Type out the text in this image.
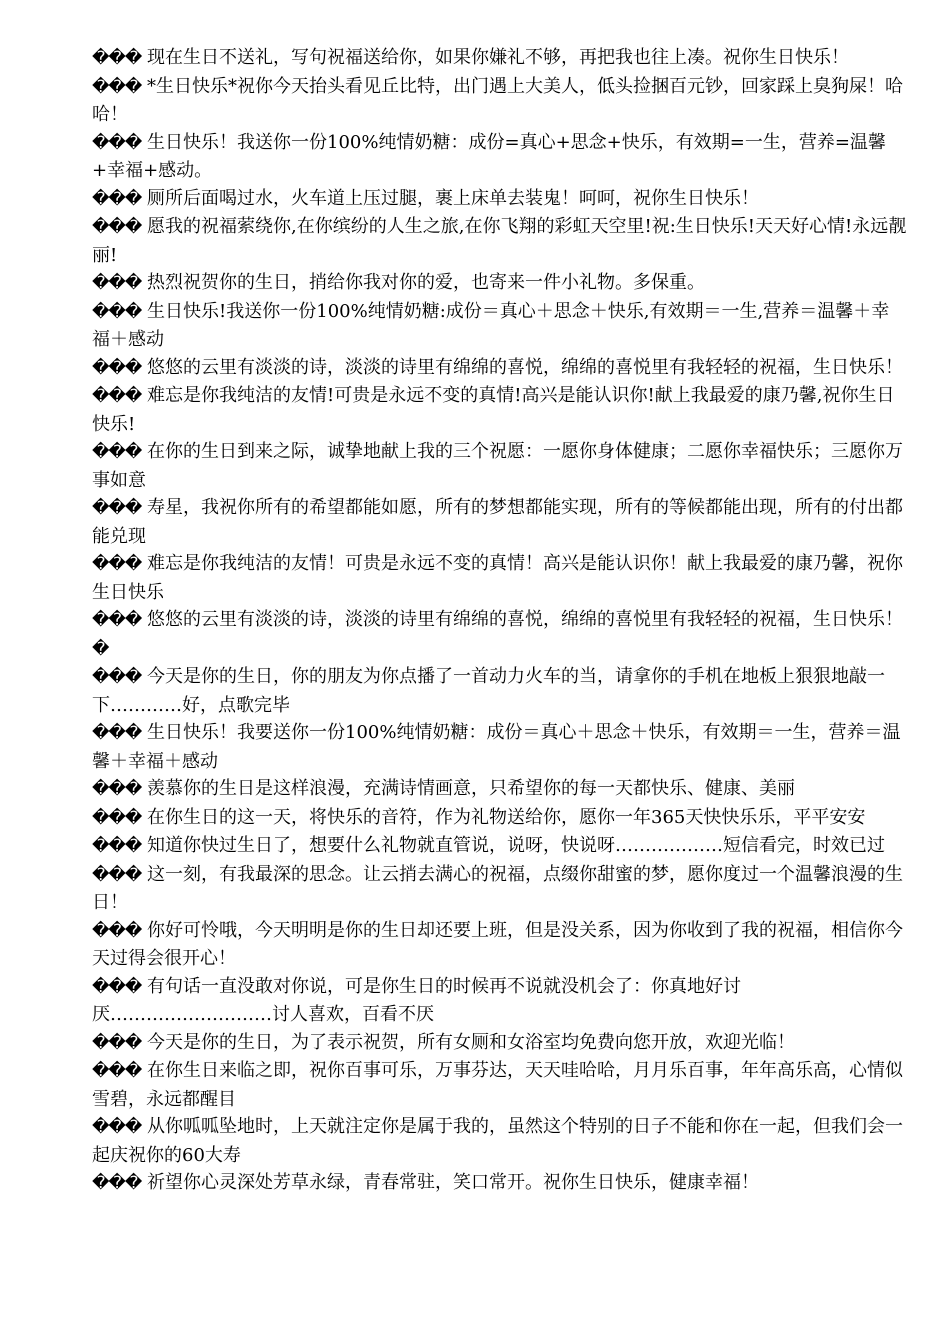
��� 现在生日不送礼，写句祝福送给你，如果你嫌礼不够，再把我也往上凑。祝你生日快乐！

��� *生日快乐*祝你今天抬头看见丘比特，出门遇上大美人，低头捡捆百元钞，回家踩上臭狗屎！哈哈！

��� 生日快乐！我送你一份100%纯情奶糖：成份=真心+思念+快乐，有效期=一生，营养=温馨+幸福+感动。

��� 厕所后面喝过水，火车道上压过腿，裹上床单去装鬼！呵呵，祝你生日快乐！

��� 愿我的祝福萦绕你,在你缤纷的人生之旅,在你飞翔的彩虹天空里!祝:生日快乐!天天好心情!永远靓丽!

��� 热烈祝贺你的生日，捎给你我对你的爱，也寄来一件小礼物。多保重。

��� 生日快乐!我送你一份100%纯情奶糖:成份＝真心＋思念＋快乐,有效期＝一生,营养＝温馨＋幸福＋感动

��� 悠悠的云里有淡淡的诗，淡淡的诗里有绵绵的喜悦，绵绵的喜悦里有我轻轻的祝福，生日快乐！

��� 难忘是你我纯洁的友情!可贵是永远不变的真情!高兴是能认识你!献上我最爱的康乃馨,祝你生日快乐!

��� 在你的生日到来之际，诚挚地献上我的三个祝愿：一愿你身体健康；二愿你幸福快乐；三愿你万事如意

��� 寿星，我祝你所有的希望都能如愿，所有的梦想都能实现，所有的等候都能出现，所有的付出都能兑现

��� 难忘是你我纯洁的友情！可贵是永远不变的真情！高兴是能认识你！献上我最爱的康乃馨，祝你生日快乐

��� 悠悠的云里有淡淡的诗，淡淡的诗里有绵绵的喜悦，绵绵的喜悦里有我轻轻的祝福，生日快乐！

�

��� 今天是你的生日，你的朋友为你点播了一首动力火车的当，请拿你的手机在地板上狠狠地敲一下…………好，点歌完毕

��� 生日快乐！我要送你一份100%纯情奶糖：成份＝真心＋思念＋快乐，有效期＝一生，营养＝温馨＋幸福＋感动

��� 羡慕你的生日是这样浪漫，充满诗情画意，只希望你的每一天都快乐、健康、美丽

��� 在你生日的这一天，将快乐的音符，作为礼物送给你，愿你一年365天快快乐乐，平平安安

��� 知道你快过生日了，想要什么礼物就直管说，说呀，快说呀………………短信看完，时效已过

��� 这一刻，有我最深的思念。让云捎去满心的祝福，点缀你甜蜜的梦，愿你度过一个温馨浪漫的生日！

��� 你好可怜哦，今天明明是你的生日却还要上班，但是没关系，因为你收到了我的祝福，相信你今天过得会很开心！

��� 有句话一直没敢对你说，可是你生日的时候再不说就没机会了：你真地好讨厌………………………讨人喜欢，百看不厌

��� 今天是你的生日，为了表示祝贺，所有女厕和女浴室均免费向您开放，欢迎光临！

��� 在你生日来临之即，祝你百事可乐，万事芬达，天天哇哈哈，月月乐百事，年年高乐高，心情似雪碧，永远都醒目

��� 从你呱呱坠地时，上天就注定你是属于我的，虽然这个特别的日子不能和你在一起，但我们会一起庆祝你的60大寿

��� 祈望你心灵深处芳草永绿，青春常驻，笑口常开。祝你生日快乐，健康幸福！
